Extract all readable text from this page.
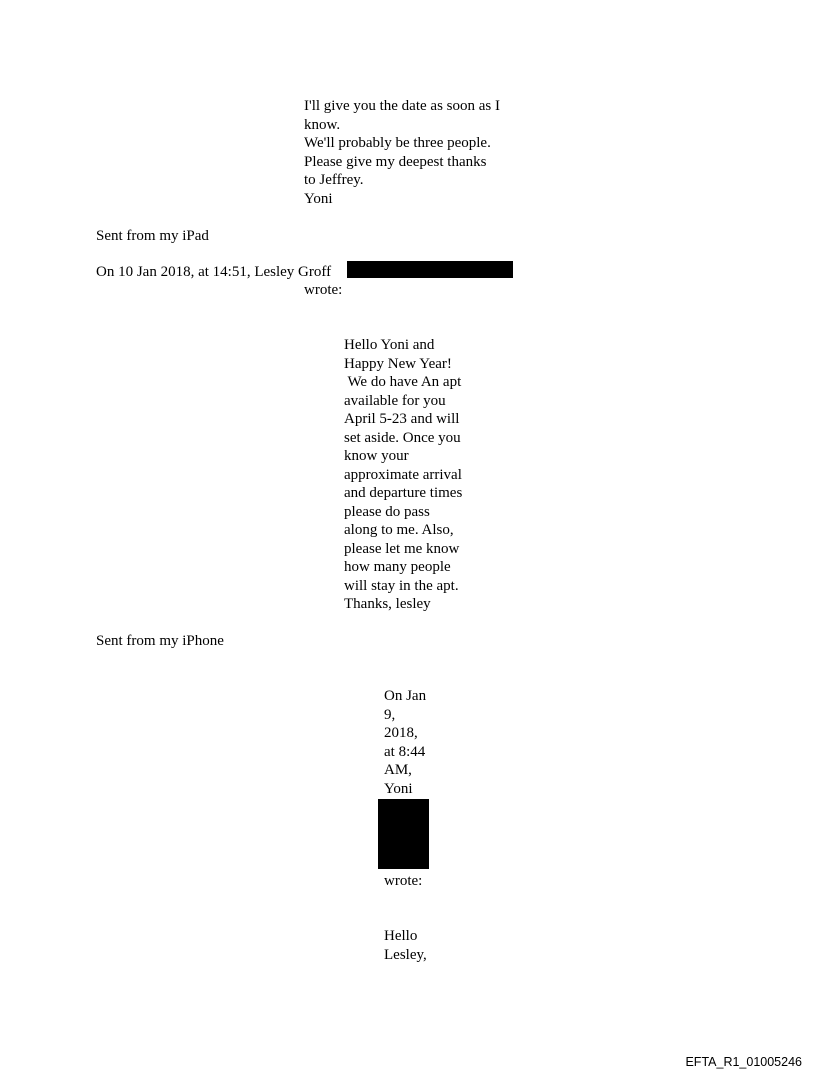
I'll give you the date as soon as I
know.
We'll probably be three people.
Please give my deepest thanks
to Jeffrey.
Yoni
Sent from my iPad
On 10 Jan 2018, at 14:51, Lesley Groff
wrote:
Hello Yoni and
Happy New Year!
We do have An apt
available for you
April 5-23 and will
set aside. Once you
know your
approximate arrival
and departure times
please do pass
along to me. Also,
please let me know
how many people
will stay in the apt.
Thanks, lesley
Sent from my iPhone
On Jan
9,
2018,
at 8:44
AM,
Yoni
wrote:
Hello
Lesley,
EFTA_R1_01005246
